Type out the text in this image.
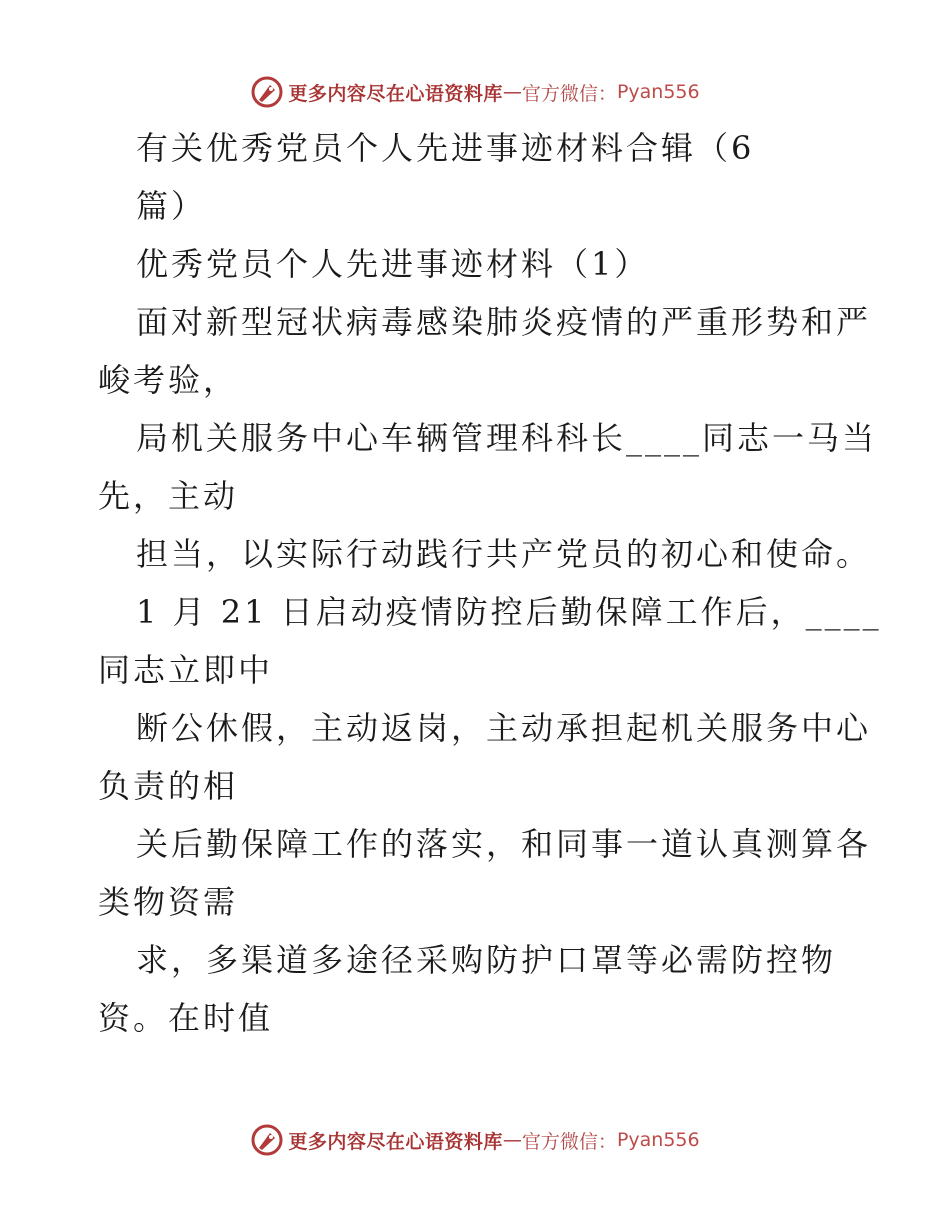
更多内容尽在心语资料库 — 官方微信： Pyan556
有关优秀党员个人先进事迹材料合辑（6
篇）
优秀党员个人先进事迹材料（1）
面对新型冠状病毒感染肺炎疫情的严重形势和严
峻考验，
局机关服务中心车辆管理科科长____同志一马当
先，主动
担当，以实际行动践行共产党员的初心和使命。
1 月 21 日启动疫情防控后勤保障工作后，____
同志立即中
断公休假，主动返岗，主动承担起机关服务中心
负责的相
关后勤保障工作的落实，和同事一道认真测算各
类物资需
求，多渠道多途径采购防护口罩等必需防控物
资。在时值
更多内容尽在心语资料库 — 官方微信： Pyan556
